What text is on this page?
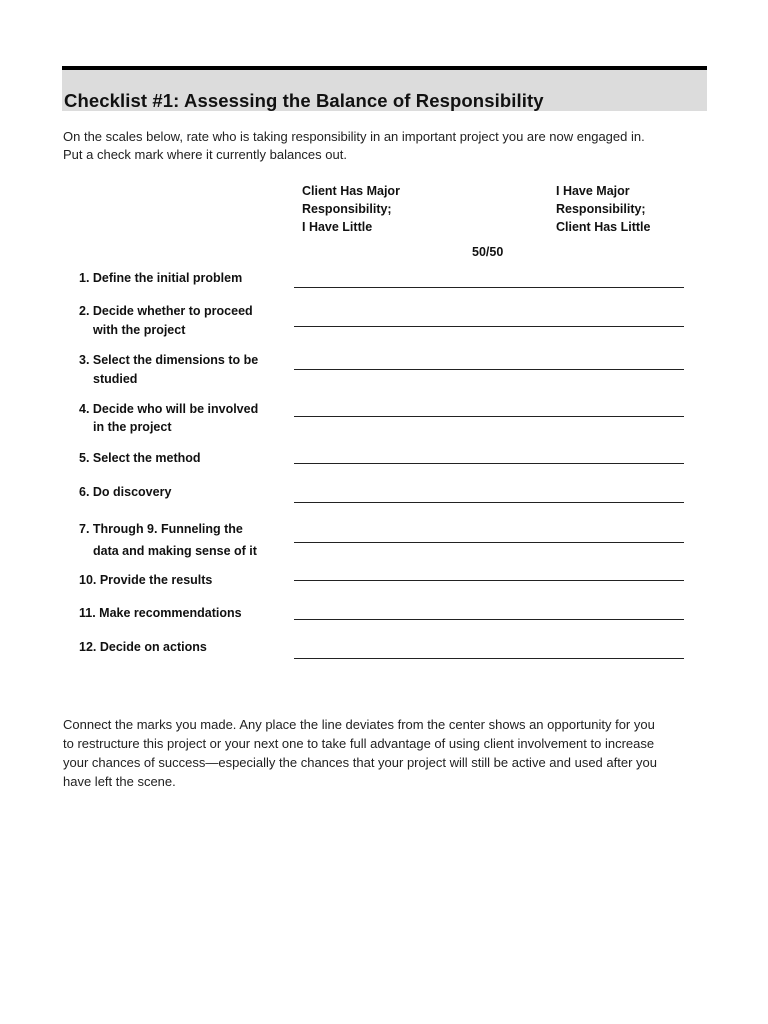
Checklist #1: Assessing the Balance of Responsibility
On the scales below, rate who is taking responsibility in an important project you are now engaged in.
Put a check mark where it currently balances out.
Client Has Major
Responsibility;
I Have Little
I Have Major
Responsibility;
Client Has Little
50/50
1. Define the initial problem
2. Decide whether to proceed
with the project
3. Select the dimensions to be
studied
4. Decide who will be involved
in the project
5. Select the method
6. Do discovery
7. Through 9. Funneling the
data and making sense of it
10. Provide the results
11. Make recommendations
12. Decide on actions
Connect the marks you made. Any place the line deviates from the center shows an opportunity for you
to restructure this project or your next one to take full advantage of using client involvement to increase
your chances of success—especially the chances that your project will still be active and used after you
have left the scene.
